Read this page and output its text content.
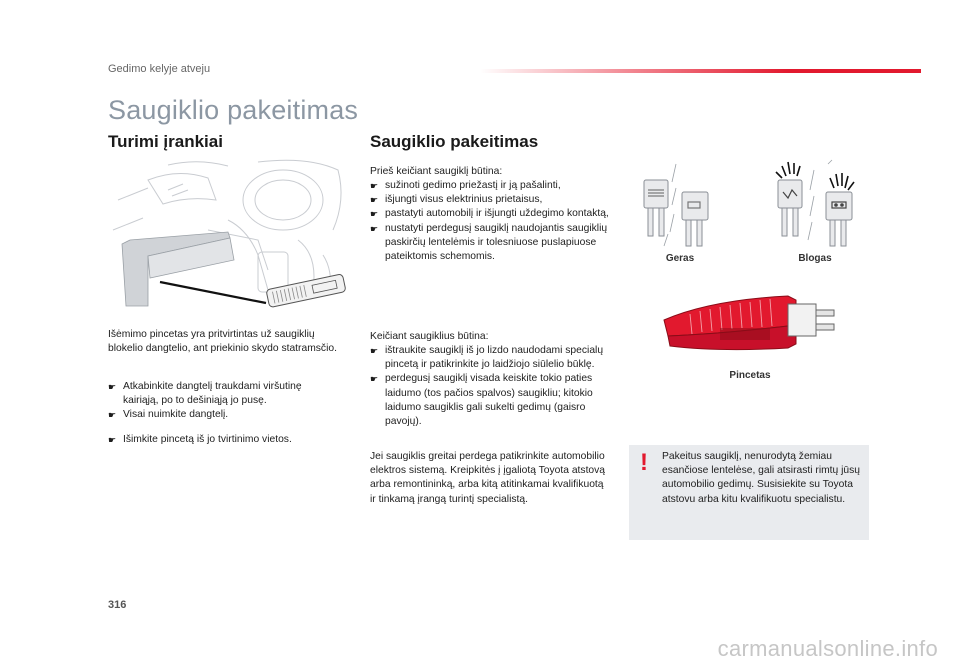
Gedimo kelyje atveju
Saugiklio pakeitimas
Turimi įrankiai
Išėmimo pincetas yra pritvirtintas už saugiklių blokelio dangtelio, ant priekinio skydo statramsčio.
☛ Atkabinkite dangtelį traukdami viršutinę kairiąją, po to dešiniąją jo pusę.
☛ Visai nuimkite dangtelį.
☛ Išimkite pincetą iš jo tvirtinimo vietos.
Saugiklio pakeitimas
Prieš keičiant saugiklį būtina:
☛ sužinoti gedimo priežastį ir ją pašalinti,
☛ išjungti visus elektrinius prietaisus,
☛ pastatyti automobilį ir išjungti uždegimo kontaktą,
☛ nustatyti perdegusį saugiklį naudojantis saugiklių paskirčių lentelėmis ir tolesniuose puslapiuose pateiktomis schemomis.
Keičiant saugiklius būtina:
☛ ištraukite saugiklį iš jo lizdo naudodami specialų pincetą ir patikrinkite jo laidžiojo siūlelio būklę.
☛ perdegusį saugiklį visada keiskite tokio paties laidumo (tos pačios spalvos) saugikliu; kitokio laidumo saugiklis gali sukelti gedimų (gaisro pavojų).
Jei saugiklis greitai perdega patikrinkite automobilio elektros sistemą. Kreipkitės į įgaliotą Toyota atstovą arba remontininką, arba kitą atitinkamai kvalifikuotą ir tinkamą įrangą turintį specialistą.
Geras	Blogas
Pincetas
! Pakeitus saugiklį, nenurodytą žemiau esančiose lentelėse, gali atsirasti rimtų jūsų automobilio gedimų. Susisiekite su Toyota atstovu arba kitu kvalifikuotu specialistu.
316
carmanualsonline.info
